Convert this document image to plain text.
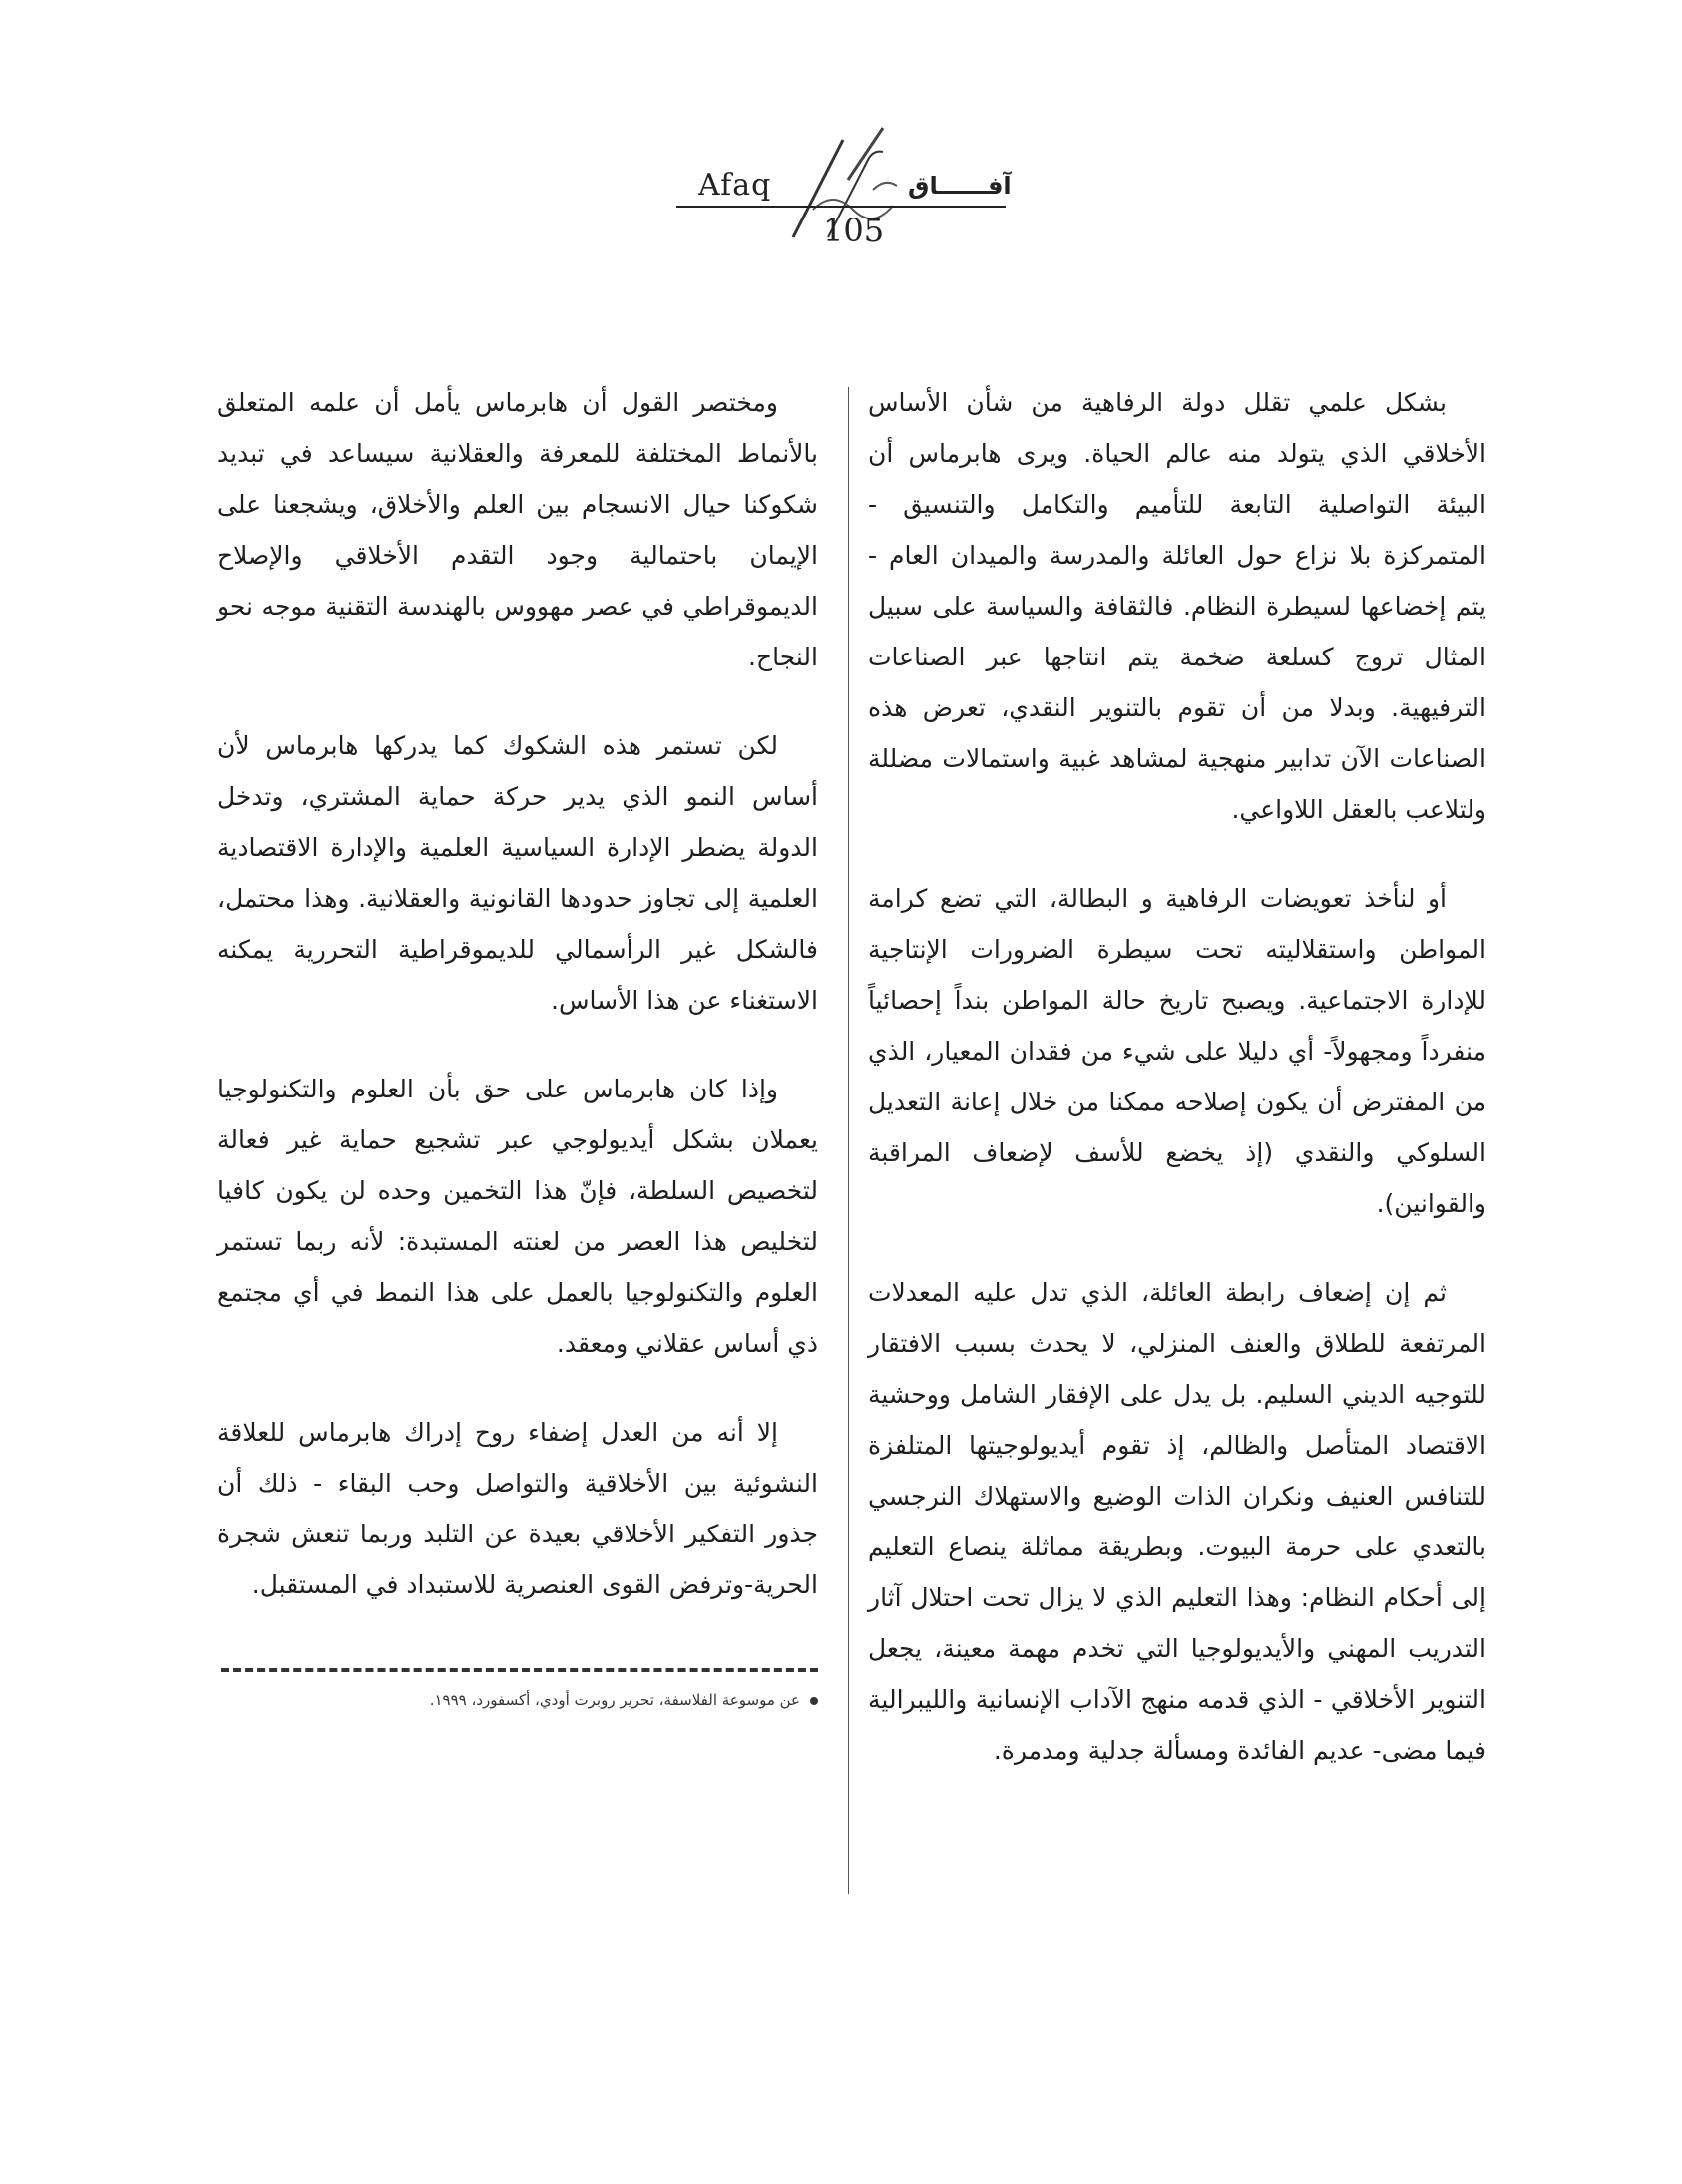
Afaq	آفــــــاق
105

بشكل علمي تقلل دولة الرفاهية من شأن الأساس الأخلاقي الذي يتولد منه عالم الحياة. ويرى هابرماس أن البيئة التواصلية التابعة للتأميم والتكامل والتنسيق - المتمركزة بلا نزاع حول العائلة والمدرسة والميدان العام - يتم إخضاعها لسيطرة النظام. فالثقافة والسياسة على سبيل المثال تروج كسلعة ضخمة يتم انتاجها عبر الصناعات الترفيهية. وبدلا من أن تقوم بالتنوير النقدي، تعرض هذه الصناعات الآن تدابير منهجية لمشاهد غبية واستمالات مضللة ولتلاعب بالعقل اللاواعي.

أو لنأخذ تعويضات الرفاهية و البطالة، التي تضع كرامة المواطن واستقلاليته تحت سيطرة الضرورات الإنتاجية للإدارة الاجتماعية. ويصبح تاريخ حالة المواطن بنداً إحصائياً منفرداً ومجهولاً- أي دليلا على شيء من فقدان المعيار، الذي من المفترض أن يكون إصلاحه ممكنا من خلال إعانة التعديل السلوكي والنقدي (إذ يخضع للأسف لإضعاف المراقبة والقوانين).

ثم إن إضعاف رابطة العائلة، الذي تدل عليه المعدلات المرتفعة للطلاق والعنف المنزلي، لا يحدث بسبب الافتقار للتوجيه الديني السليم. بل يدل على الإفقار الشامل ووحشية الاقتصاد المتأصل والظالم، إذ تقوم أيديولوجيتها المتلفزة للتنافس العنيف ونكران الذات الوضيع والاستهلاك النرجسي بالتعدي على حرمة البيوت. وبطريقة مماثلة ينصاع التعليم إلى أحكام النظام: وهذا التعليم الذي لا يزال تحت احتلال آثار التدريب المهني والأيديولوجيا التي تخدم مهمة معينة، يجعل التنوير الأخلاقي - الذي قدمه منهج الآداب الإنسانية والليبرالية فيما مضى- عديم الفائدة ومسألة جدلية ومدمرة.

ومختصر القول أن هابرماس يأمل أن علمه المتعلق بالأنماط المختلفة للمعرفة والعقلانية سيساعد في تبديد شكوكنا حيال الانسجام بين العلم والأخلاق، ويشجعنا على الإيمان باحتمالية وجود التقدم الأخلاقي والإصلاح الديموقراطي في عصر مهووس بالهندسة التقنية موجه نحو النجاح.

لكن تستمر هذه الشكوك كما يدركها هابرماس لأن أساس النمو الذي يدير حركة حماية المشتري، وتدخل الدولة يضطر الإدارة السياسية العلمية والإدارة الاقتصادية العلمية إلى تجاوز حدودها القانونية والعقلانية. وهذا محتمل، فالشكل غير الرأسمالي للديموقراطية التحررية يمكنه الاستغناء عن هذا الأساس.

وإذا كان هابرماس على حق بأن العلوم والتكنولوجيا يعملان بشكل أيديولوجي عبر تشجيع حماية غير فعالة لتخصيص السلطة، فإنّ هذا التخمين وحده لن يكون كافيا لتخليص هذا العصر من لعنته المستبدة: لأنه ربما تستمر العلوم والتكنولوجيا بالعمل على هذا النمط في أي مجتمع ذي أساس عقلاني ومعقد.

إلا أنه من العدل إضفاء روح إدراك هابرماس للعلاقة النشوئية بين الأخلاقية والتواصل وحب البقاء - ذلك أن جذور التفكير الأخلاقي بعيدة عن التلبد وربما تنعش شجرة الحرية-وترفض القوى العنصرية للاستبداد في المستقبل.

عن موسوعة الفلاسفة، تحرير روبرت أودي، أكسفورد، ١٩٩٩.
